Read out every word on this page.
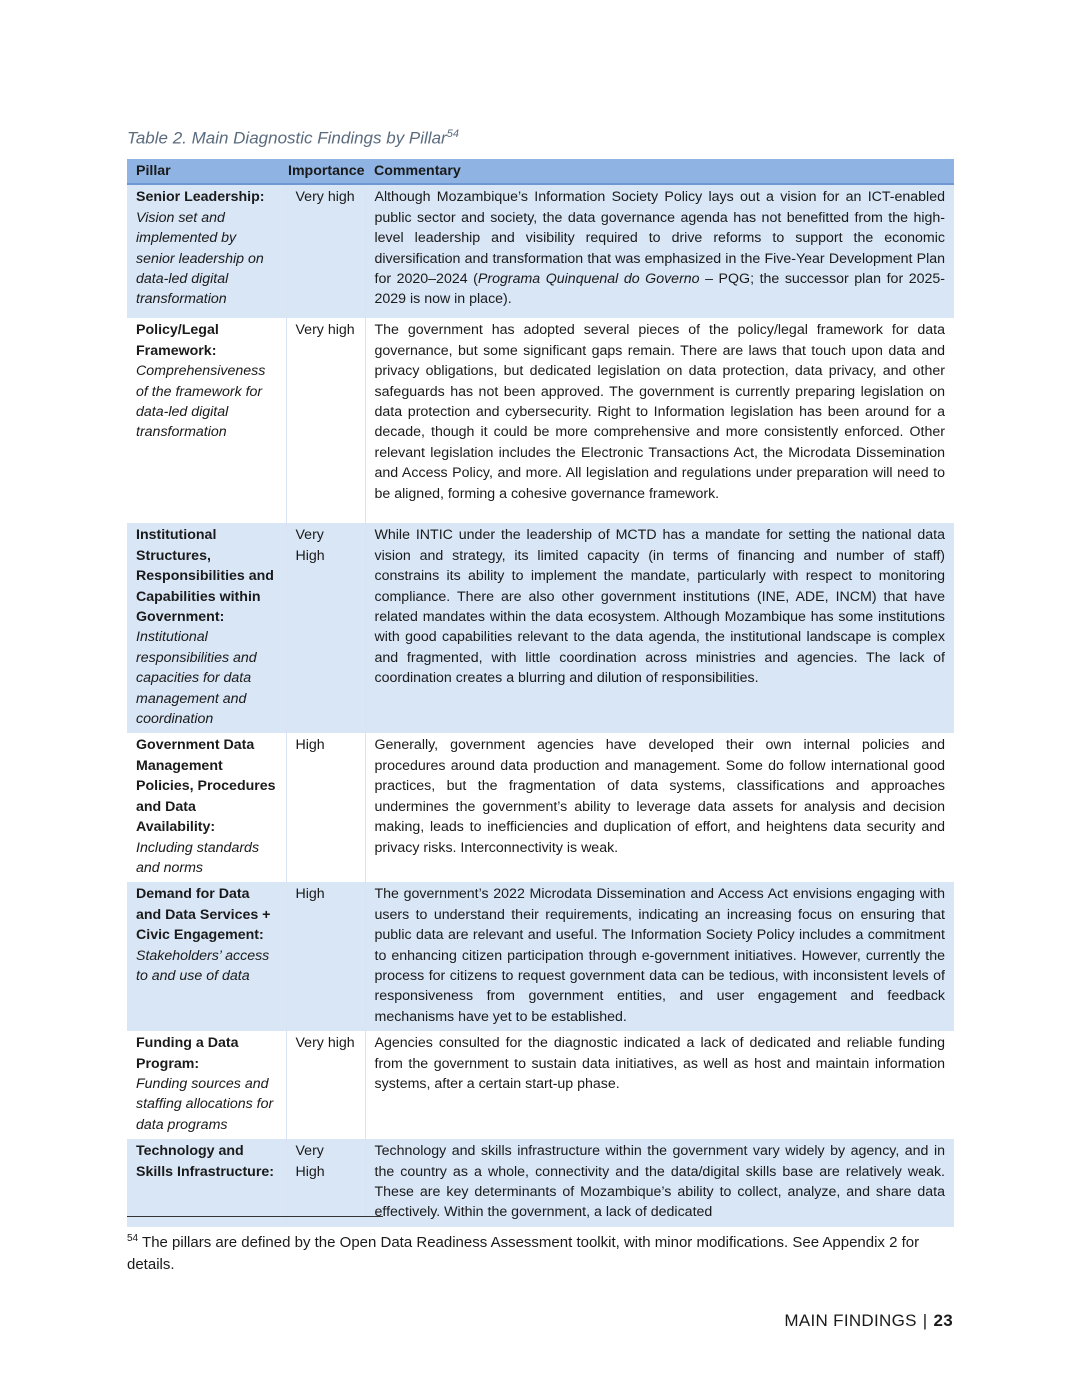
Table 2. Main Diagnostic Findings by Pillar$^{54}$
Pillar	Importance	Commentary

Senior Leadership:
Vision set and implemented by senior leadership on data-led digital transformation	Very high	Although Mozambique’s Information Society Policy lays out a vision for an ICT-enabled public sector and society, the data governance agenda has not benefitted from the high-level leadership and visibility required to drive reforms to support the economic diversification and transformation that was emphasized in the Five-Year Development Plan for 2020–2024 (Programa Quinquenal do Governo – PQG; the successor plan for 2025-2029 is now in place).

Policy/Legal Framework:
Comprehensiveness of the framework for data-led digital transformation	Very high	The government has adopted several pieces of the policy/legal framework for data governance, but some significant gaps remain. There are laws that touch upon data and privacy obligations, but dedicated legislation on data protection, data privacy, and other safeguards has not been approved. The government is currently preparing legislation on data protection and cybersecurity. Right to Information legislation has been around for a decade, though it could be more comprehensive and more consistently enforced. Other relevant legislation includes the Electronic Transactions Act, the Microdata Dissemination and Access Policy, and more. All legislation and regulations under preparation will need to be aligned, forming a cohesive governance framework.

Institutional Structures, Responsibilities and Capabilities within Government:
Institutional responsibilities and capacities for data management and coordination	Very High	While INTIC under the leadership of MCTD has a mandate for setting the national data vision and strategy, its limited capacity (in terms of financing and number of staff) constrains its ability to implement the mandate, particularly with respect to monitoring compliance. There are also other government institutions (INE, ADE, INCM) that have related mandates within the data ecosystem. Although Mozambique has some institutions with good capabilities relevant to the data agenda, the institutional landscape is complex and fragmented, with little coordination across ministries and agencies. The lack of coordination creates a blurring and dilution of responsibilities.

Government Data Management Policies, Procedures and Data Availability:
Including standards and norms	High	Generally, government agencies have developed their own internal policies and procedures around data production and management. Some do follow international good practices, but the fragmentation of data systems, classifications and approaches undermines the government’s ability to leverage data assets for analysis and decision making, leads to inefficiencies and duplication of effort, and heightens data security and privacy risks. Interconnectivity is weak.

Demand for Data and Data Services + Civic Engagement:
Stakeholders’ access to and use of data	High	The government’s 2022 Microdata Dissemination and Access Act envisions engaging with users to understand their requirements, indicating an increasing focus on ensuring that public data are relevant and useful. The Information Society Policy includes a commitment to enhancing citizen participation through e-government initiatives. However, currently the process for citizens to request government data can be tedious, with inconsistent levels of responsiveness from government entities, and user engagement and feedback mechanisms have yet to be established.

Funding a Data Program:
Funding sources and staffing allocations for data programs	Very high	Agencies consulted for the diagnostic indicated a lack of dedicated and reliable funding from the government to sustain data initiatives, as well as host and maintain information systems, after a certain start-up phase.

Technology and Skills Infrastructure:	Very High	Technology and skills infrastructure within the government vary widely by agency, and in the country as a whole, connectivity and the data/digital skills base are relatively weak. These are key determinants of Mozambique’s ability to collect, analyze, and share data effectively. Within the government, a lack of dedicated
$^{54}$ The pillars are defined by the Open Data Readiness Assessment toolkit, with minor modifications. See Appendix 2 for details.
MAIN FINDINGS | 23
